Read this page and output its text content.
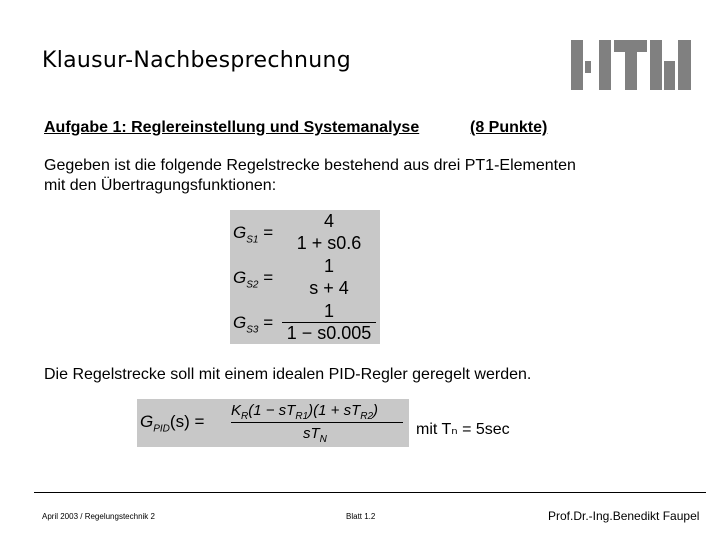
Klausur-Nachbesprechnung
Aufgabe 1: Reglereinstellung und Systemanalyse	(8 Punkte)
Gegeben ist die folgende Regelstrecke bestehend aus drei PT1-Elementen
mit den Übertragungsfunktionen:
$G_{S1}$ =
4
1 + s0.6
$G_{S2}$ =
1
s + 4
$G_{S3}$ =
1
1 − s0.005
Die Regelstrecke soll mit einem idealen PID-Regler geregelt werden.
$G_{PID}(s)$ =
$K_R(1 - sT_{R1})(1 + sT_{R2})$
$sT_N$
mit Tₙ = 5sec
April 2003 / Regelungstechnik 2	Blatt 1.2	Prof.Dr.-Ing.Benedikt Faupel
